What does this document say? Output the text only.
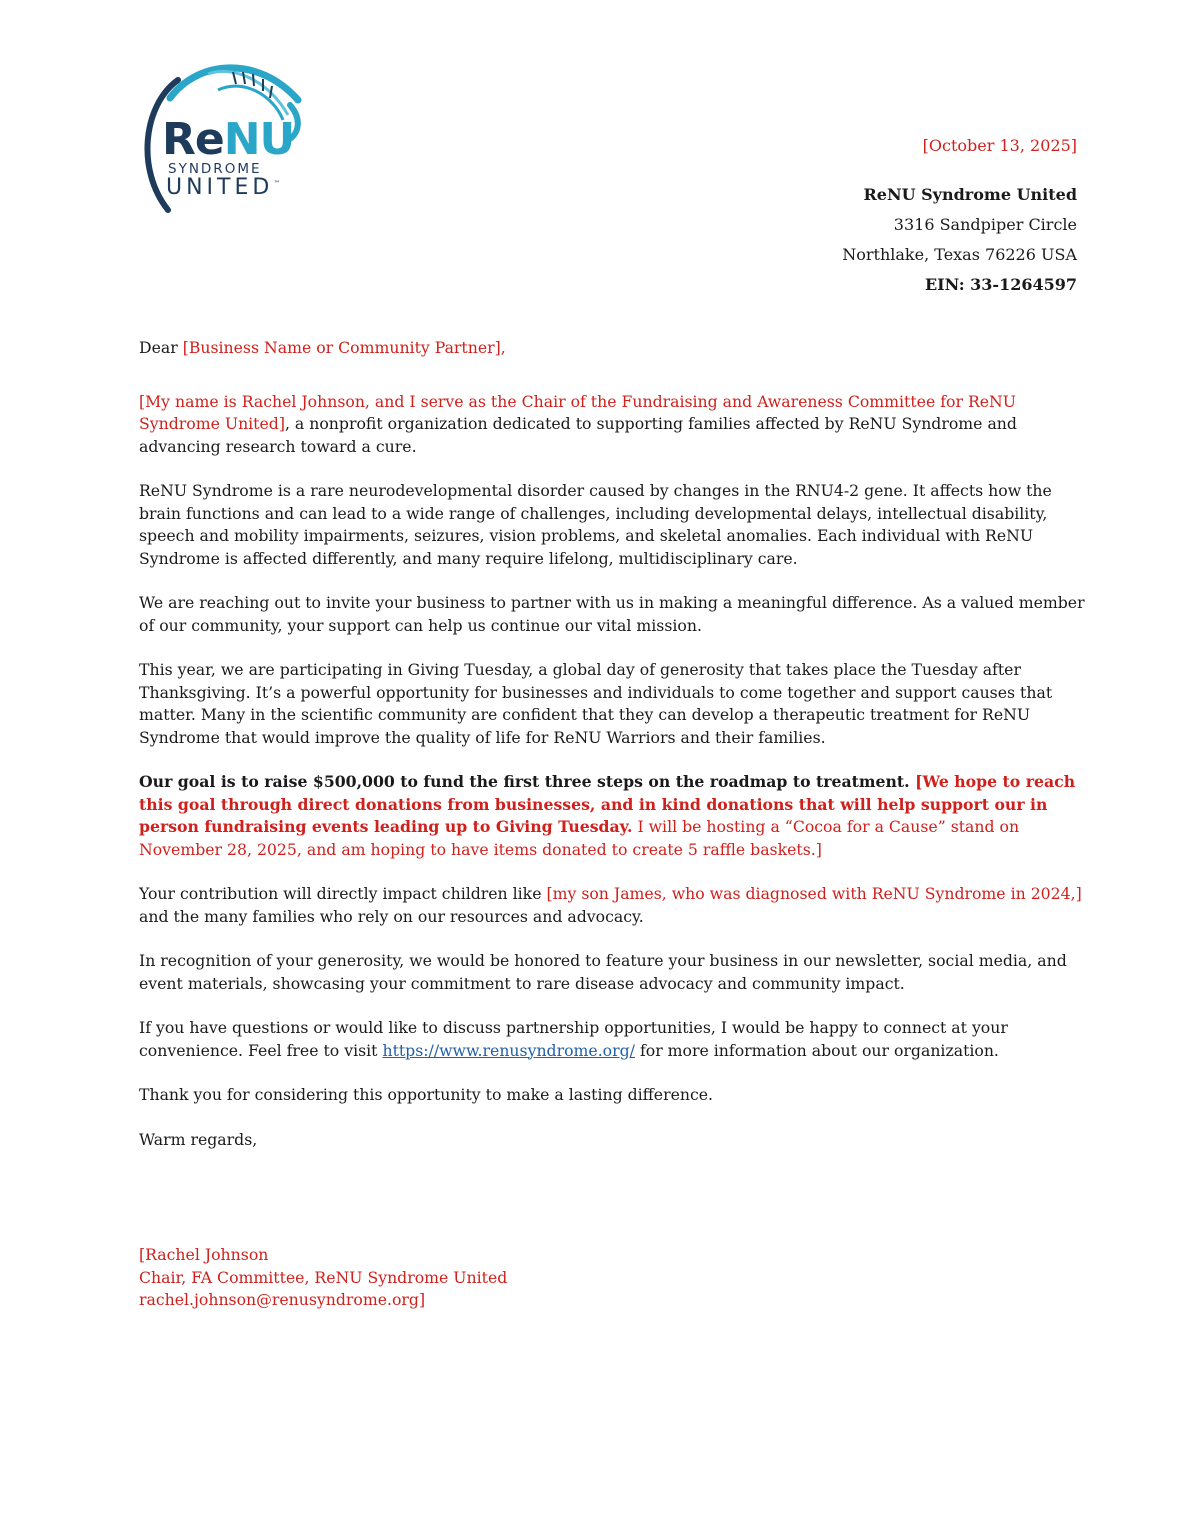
ReNU
SYNDROME
UNITED™
[October 13, 2025]
ReNU Syndrome United
3316 Sandpiper Circle
Northlake, Texas 76226 USA
EIN: 33-1264597

Dear [Business Name or Community Partner],

[My name is Rachel Johnson, and I serve as the Chair of the Fundraising and Awareness Committee for ReNU Syndrome United], a nonprofit organization dedicated to supporting families affected by ReNU Syndrome and advancing research toward a cure.

ReNU Syndrome is a rare neurodevelopmental disorder caused by changes in the RNU4-2 gene. It affects how the brain functions and can lead to a wide range of challenges, including developmental delays, intellectual disability, speech and mobility impairments, seizures, vision problems, and skeletal anomalies. Each individual with ReNU Syndrome is affected differently, and many require lifelong, multidisciplinary care.

We are reaching out to invite your business to partner with us in making a meaningful difference. As a valued member of our community, your support can help us continue our vital mission.

This year, we are participating in Giving Tuesday, a global day of generosity that takes place the Tuesday after Thanksgiving. It’s a powerful opportunity for businesses and individuals to come together and support causes that matter. Many in the scientific community are confident that they can develop a therapeutic treatment for ReNU Syndrome that would improve the quality of life for ReNU Warriors and their families.

Our goal is to raise $500,000 to fund the first three steps on the roadmap to treatment. [We hope to reach this goal through direct donations from businesses, and in kind donations that will help support our in person fundraising events leading up to Giving Tuesday. I will be hosting a “Cocoa for a Cause” stand on November 28, 2025, and am hoping to have items donated to create 5 raffle baskets.]

Your contribution will directly impact children like [my son James, who was diagnosed with ReNU Syndrome in 2024,] and the many families who rely on our resources and advocacy.

In recognition of your generosity, we would be honored to feature your business in our newsletter, social media, and event materials, showcasing your commitment to rare disease advocacy and community impact.

If you have questions or would like to discuss partnership opportunities, I would be happy to connect at your convenience. Feel free to visit https://www.renusyndrome.org/ for more information about our organization.

Thank you for considering this opportunity to make a lasting difference.

Warm regards,

[Rachel Johnson
Chair, FA Committee, ReNU Syndrome United
rachel.johnson@renusyndrome.org]
